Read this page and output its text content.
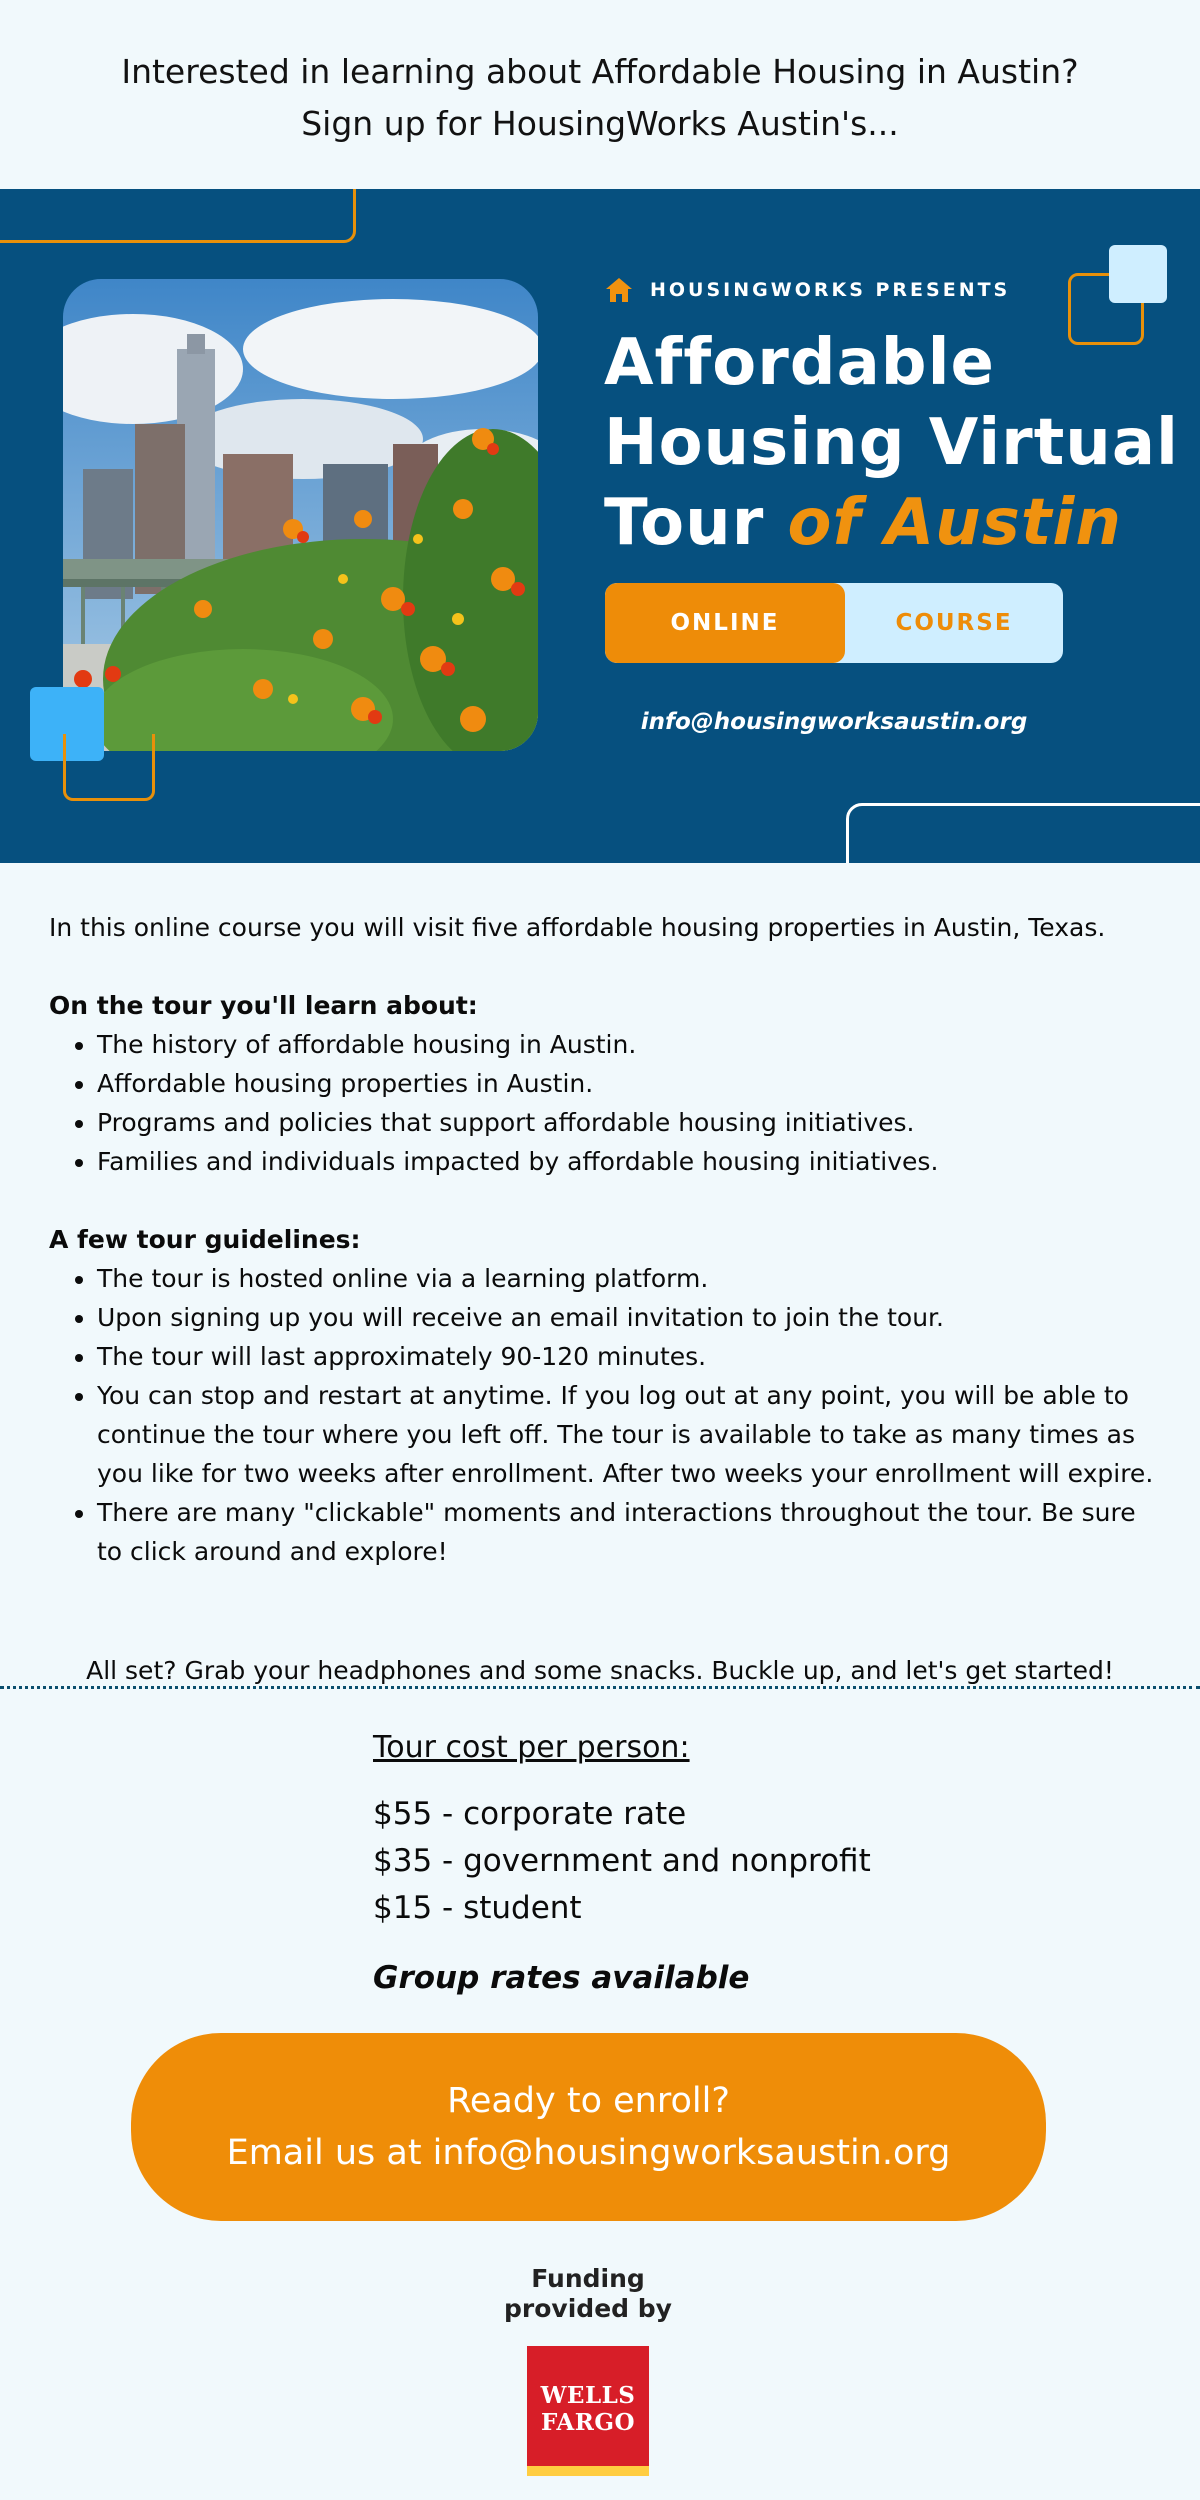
Interested in learning about Affordable Housing in Austin?
Sign up for HousingWorks Austin's...
HOUSINGWORKS PRESENTS
Affordable
Housing Virtual
Tour of Austin
ONLINE	COURSE
info@housingworksaustin.org

In this online course you will visit five affordable housing properties in Austin, Texas.

On the tour you'll learn about:

• The history of affordable housing in Austin.
• Affordable housing properties in Austin.
• Programs and policies that support affordable housing initiatives.
• Families and individuals impacted by affordable housing initiatives.

A few tour guidelines:

• The tour is hosted online via a learning platform.
• Upon signing up you will receive an email invitation to join the tour.
• The tour will last approximately 90-120 minutes.
• You can stop and restart at anytime. If you log out at any point, you will be able to continue the tour where you left off. The tour is available to take as many times as you like for two weeks after enrollment. After two weeks your enrollment will expire.
• There are many "clickable" moments and interactions throughout the tour. Be sure to click around and explore!
All set? Grab your headphones and some snacks. Buckle up, and let's get started!
Tour cost per person:
$55 - corporate rate
$35 - government and nonprofit
$15 - student
Group rates available
Ready to enroll?
Email us at info@housingworksaustin.org
Funding
provided by
WELLS
FARGO
